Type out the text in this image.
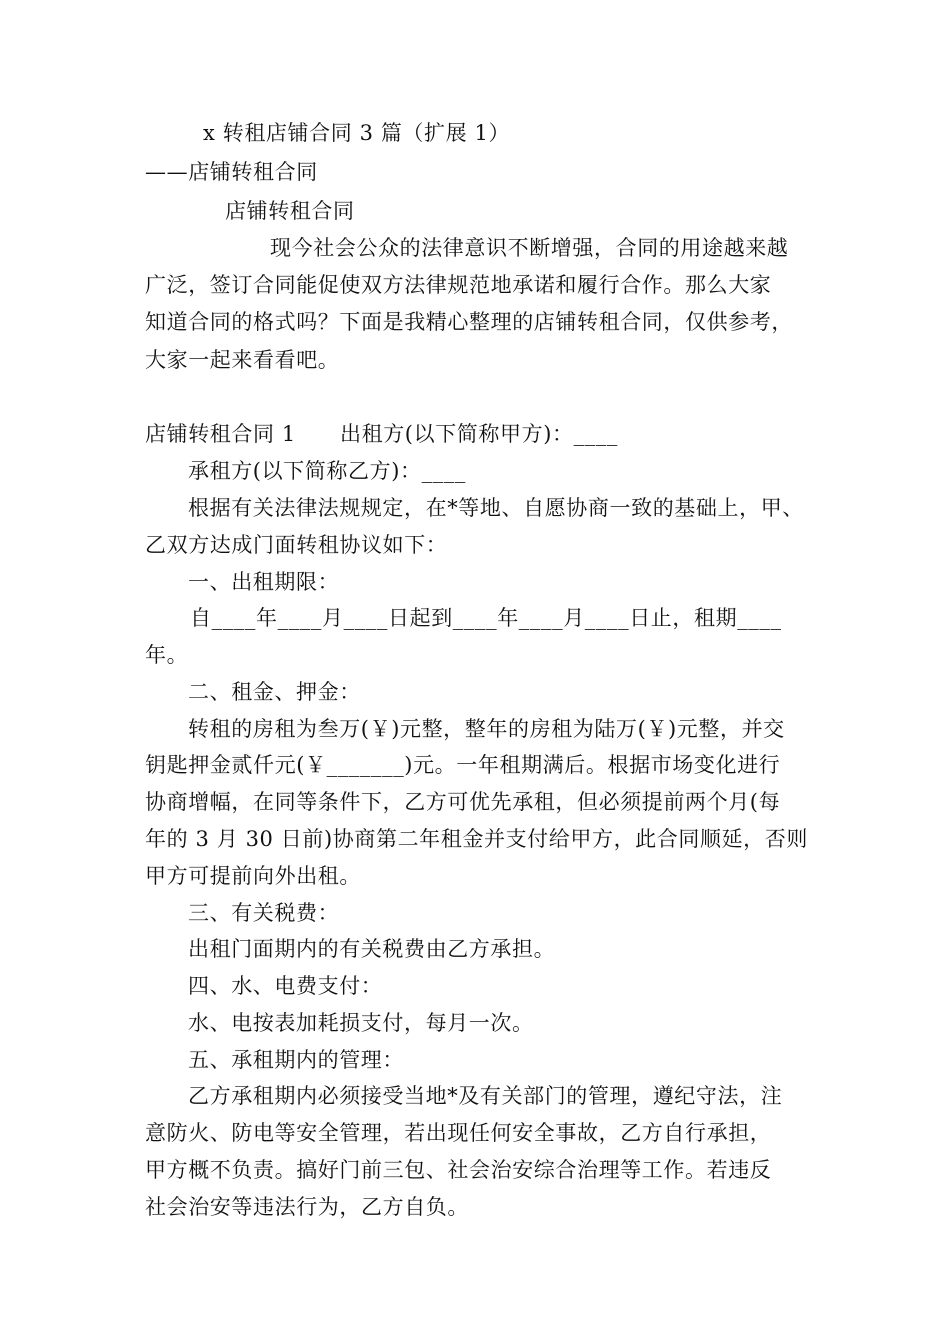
x 转租店铺合同 3 篇（扩展 1）
——店铺转租合同
店铺转租合同
现今社会公众的法律意识不断增强，合同的用途越来越
广泛，签订合同能促使双方法律规范地承诺和履行合作。那么大家
知道合同的格式吗？下面是我精心整理的店铺转租合同，仅供参考，
大家一起来看看吧。
店铺转租合同 1 出租方(以下简称甲方)：____
承租方(以下简称乙方)：____
根据有关法律法规规定，在*等地、自愿协商一致的基础上，甲、
乙双方达成门面转租协议如下：
一、出租期限：
自____年____月____日起到____年____月____日止，租期____
年。
二、租金、押金：
转租的房租为叁万(￥)元整，整年的房租为陆万(￥)元整，并交
钥匙押金贰仟元(￥_______)元。一年租期满后。根据市场变化进行
协商增幅，在同等条件下，乙方可优先承租，但必须提前两个月(每
年的 3 月 30 日前)协商第二年租金并支付给甲方，此合同顺延，否则
甲方可提前向外出租。
三、有关税费：
出租门面期内的有关税费由乙方承担。
四、水、电费支付：
水、电按表加耗损支付，每月一次。
五、承租期内的管理：
乙方承租期内必须接受当地*及有关部门的管理，遵纪守法，注
意防火、防电等安全管理，若出现任何安全事故，乙方自行承担，
甲方概不负责。搞好门前三包、社会治安综合治理等工作。若违反
社会治安等违法行为，乙方自负。
